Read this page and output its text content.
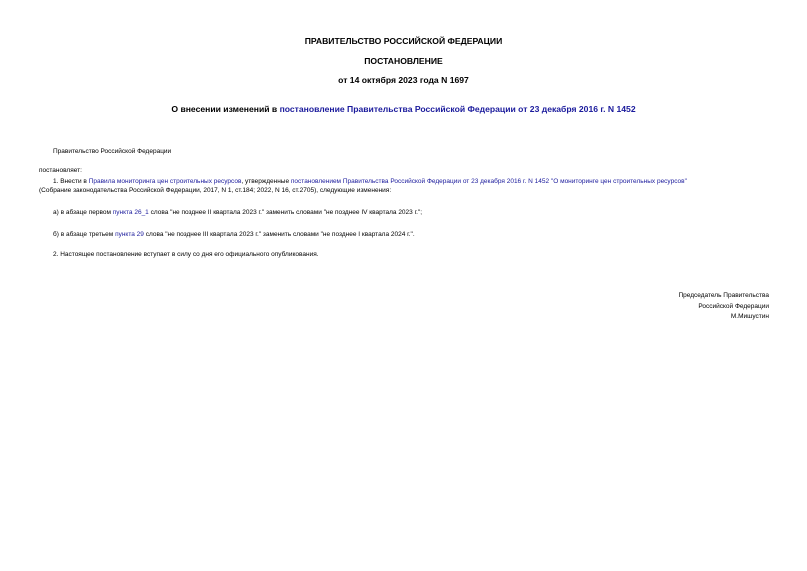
ПРАВИТЕЛЬСТВО РОССИЙСКОЙ ФЕДЕРАЦИИ
ПОСТАНОВЛЕНИЕ
от 14 октября 2023 года N 1697
О внесении изменений в постановление Правительства Российской Федерации от 23 декабря 2016 г. N 1452
Правительство Российской Федерации
постановляет:
1. Внести в Правила мониторинга цен строительных ресурсов, утвержденные постановлением Правительства Российской Федерации от 23 декабря 2016 г. N 1452 "О мониторинге цен строительных ресурсов"
(Собрание законодательства Российской Федерации, 2017, N 1, ст.184; 2022, N 16, ст.2705), следующие изменения:
а) в абзаце первом пункта 26_1 слова "не позднее II квартала 2023 г." заменить словами "не позднее IV квартала 2023 г.";
б) в абзаце третьем пункта 29 слова "не позднее III квартала 2023 г." заменить словами "не позднее I квартала 2024 г.".
2. Настоящее постановление вступает в силу со дня его официального опубликования.
Председатель Правительства
Российской Федерации
М.Мишустин
